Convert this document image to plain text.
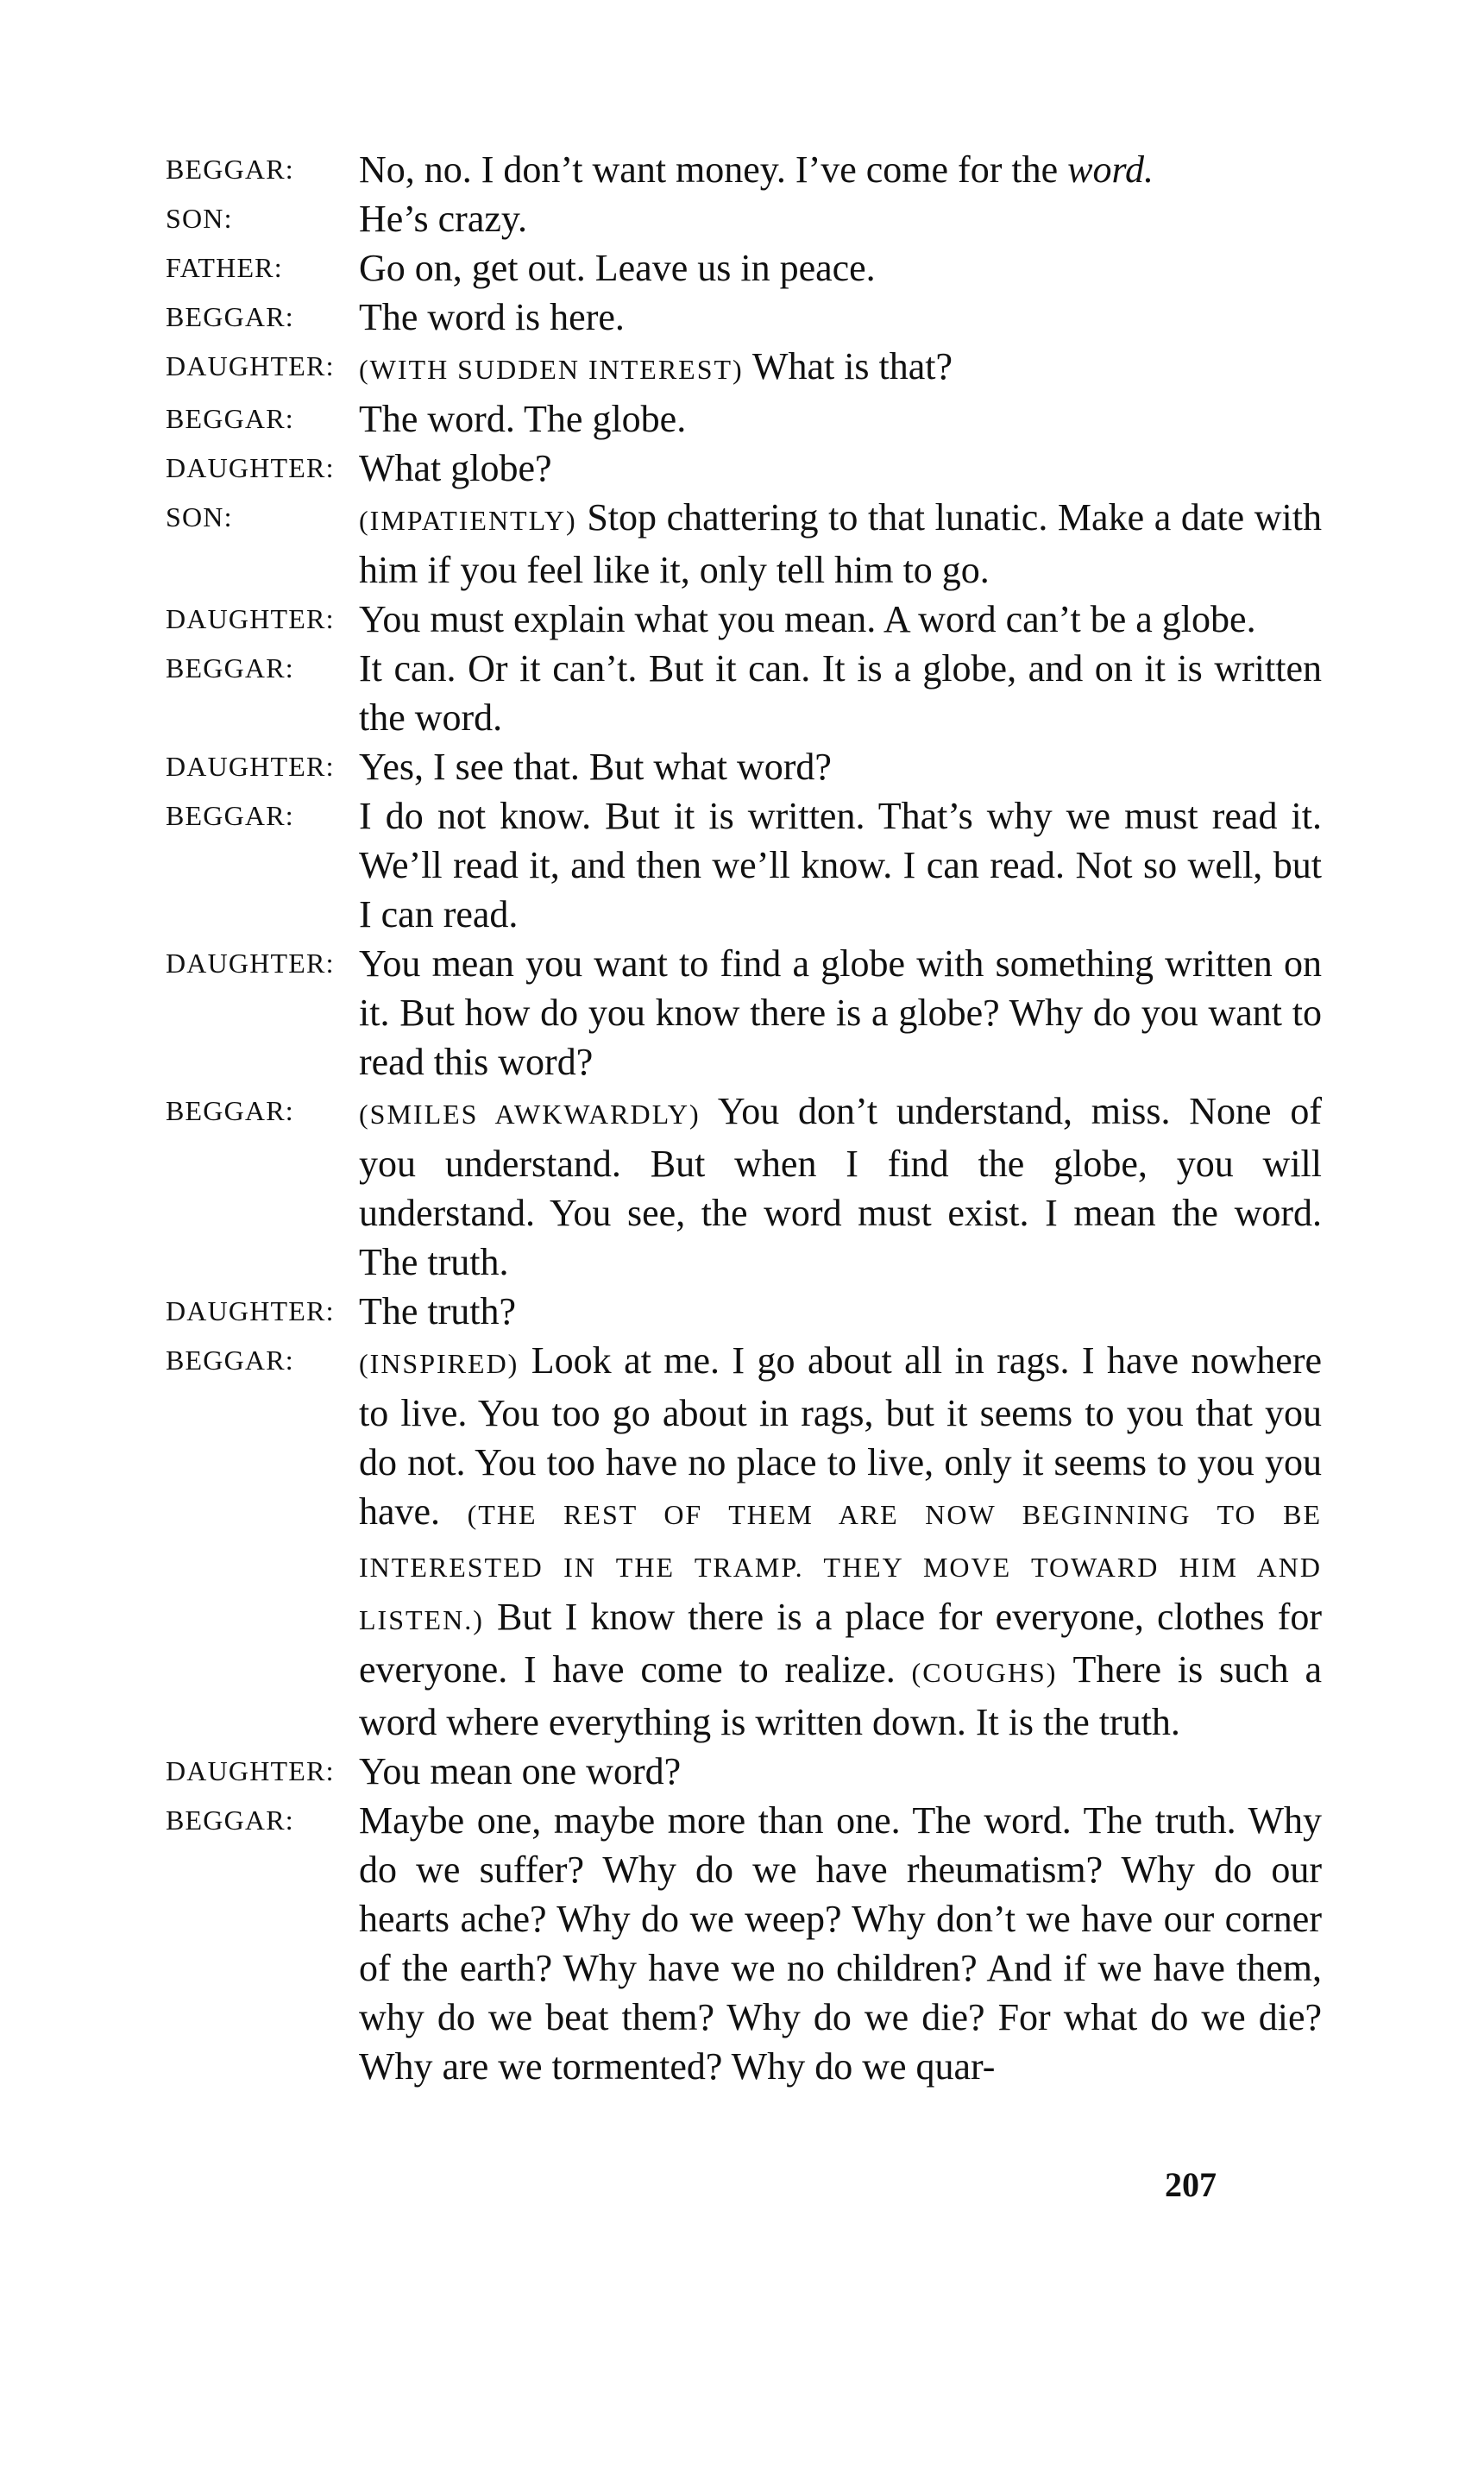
BEGGAR:	No, no. I don’t want money. I’ve come for the word.
SON:	He’s crazy.
FATHER:	Go on, get out. Leave us in peace.
BEGGAR:	The word is here.
DAUGHTER: (WITH SUDDEN INTEREST) What is that?
BEGGAR:	The word. The globe.
DAUGHTER: What globe?
SON:	(IMPATIENTLY) Stop chattering to that lunatic. Make a date with him if you feel like it, only tell him to go.
DAUGHTER: You must explain what you mean. A word can’t be a globe.
BEGGAR:	It can. Or it can’t. But it can. It is a globe, and on it is written the word.
DAUGHTER: Yes, I see that. But what word?
BEGGAR:	I do not know. But it is written. That’s why we must read it. We’ll read it, and then we’ll know. I can read. Not so well, but I can read.
DAUGHTER: You mean you want to find a globe with something written on it. But how do you know there is a globe? Why do you want to read this word?
BEGGAR:	(SMILES AWKWARDLY) You don’t understand, miss. None of you understand. But when I find the globe, you will understand. You see, the word must exist. I mean the word. The truth.
DAUGHTER: The truth?
BEGGAR:	(INSPIRED) Look at me. I go about all in rags. I have nowhere to live. You too go about in rags, but it seems to you that you do not. You too have no place to live, only it seems to you you have. (THE REST OF THEM ARE NOW BEGINNING TO BE INTERESTED IN THE TRAMP. THEY MOVE TOWARD HIM AND LISTEN.) But I know there is a place for everyone, clothes for everyone. I have come to realize. (COUGHS) There is such a word where everything is written down. It is the truth.
DAUGHTER: You mean one word?
BEGGAR:	Maybe one, maybe more than one. The word. The truth. Why do we suffer? Why do we have rheumatism? Why do our hearts ache? Why do we weep? Why don’t we have our corner of the earth? Why have we no children? And if we have them, why do we beat them? Why do we die? For what do we die? Why are we tormented? Why do we quar-
207
